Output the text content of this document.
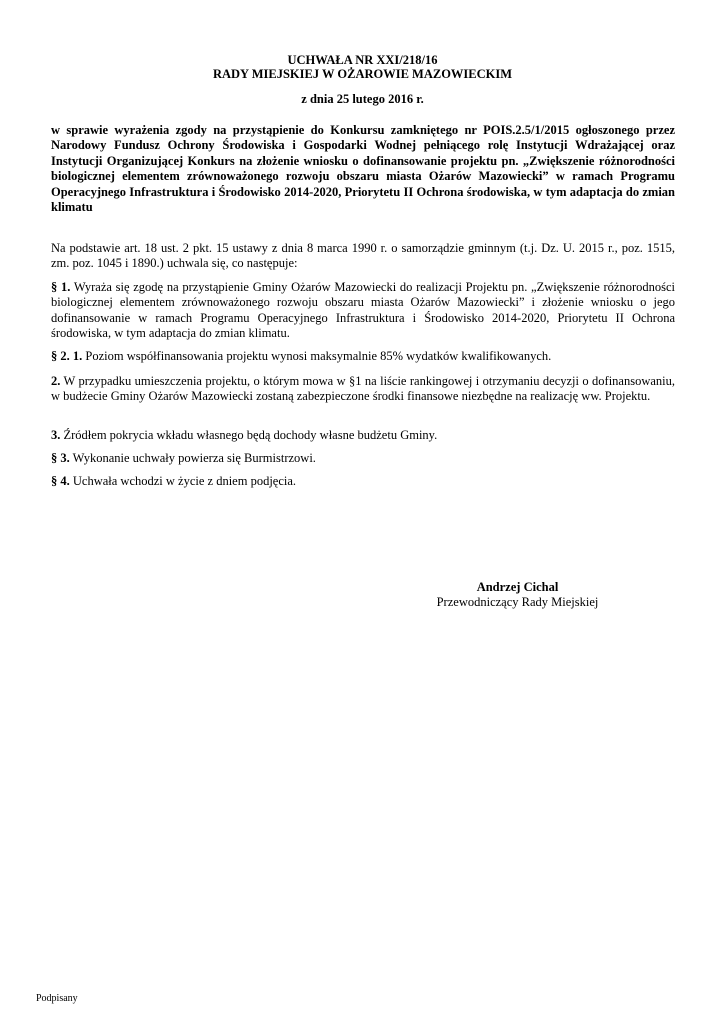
UCHWAŁA NR XXI/218/16
RADY MIEJSKIEJ W OŻAROWIE MAZOWIECKIM
z dnia 25 lutego 2016 r.

w sprawie wyrażenia zgody na przystąpienie do Konkursu zamkniętego nr POIS.2.5/1/2015 ogłoszonego przez Narodowy Fundusz Ochrony Środowiska i Gospodarki Wodnej pełniącego rolę Instytucji Wdrażającej oraz Instytucji Organizującej Konkurs na złożenie wniosku o dofinansowanie projektu pn. „Zwiększenie różnorodności biologicznej elementem zrównoważonego rozwoju obszaru miasta Ożarów Mazowiecki” w ramach Programu Operacyjnego Infrastruktura i Środowisko 2014-2020, Priorytetu II Ochrona środowiska, w tym adaptacja do zmian klimatu

Na podstawie art. 18 ust. 2 pkt. 15 ustawy z dnia 8 marca 1990 r. o samorządzie gminnym (t.j. Dz. U. 2015 r., poz. 1515, zm. poz. 1045 i 1890.) uchwala się, co następuje:

§ 1. Wyraża się zgodę na przystąpienie Gminy Ożarów Mazowiecki do realizacji Projektu pn. „Zwiększenie różnorodności biologicznej elementem zrównoważonego rozwoju obszaru miasta Ożarów Mazowiecki” i złożenie wniosku o jego dofinansowanie w ramach Programu Operacyjnego Infrastruktura i Środowisko 2014-2020, Priorytetu II Ochrona środowiska, w tym adaptacja do zmian klimatu.

§ 2. 1. Poziom współfinansowania projektu wynosi maksymalnie 85% wydatków kwalifikowanych.

2. W przypadku umieszczenia projektu, o którym mowa w §1 na liście rankingowej i otrzymaniu decyzji o dofinansowaniu, w budżecie Gminy Ożarów Mazowiecki zostaną zabezpieczone środki finansowe niezbędne na realizację ww. Projektu.

3. Źródłem pokrycia wkładu własnego będą dochody własne budżetu Gminy.

§ 3. Wykonanie uchwały powierza się Burmistrzowi.

§ 4. Uchwała wchodzi w życie z dniem podjęcia.

Andrzej Cichal
Przewodniczący Rady Miejskiej
Podpisany
